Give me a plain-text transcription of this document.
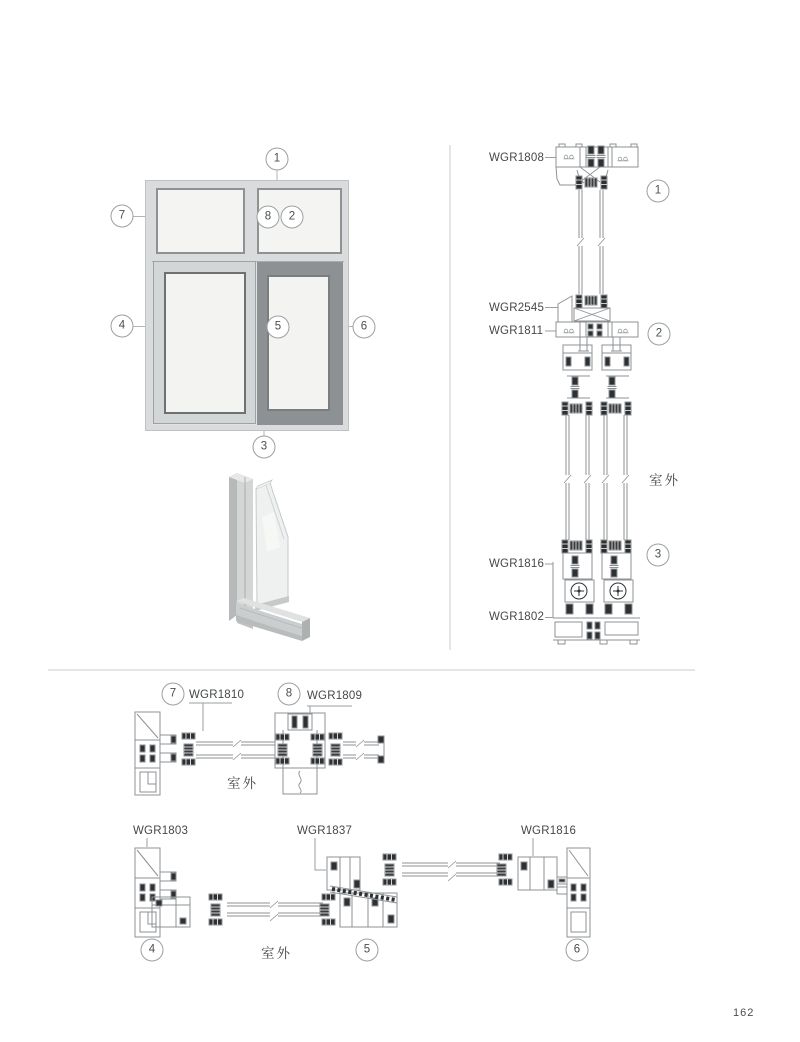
1
7	8	2
4	5	6
3
WGR1808
WGR2545
WGR1811
WGR1816
WGR1802
1
2
3
室外
7	WGR1810	8	WGR1809
室外
WGR1803	WGR1837	WGR1816
4	室外	5	6
162
